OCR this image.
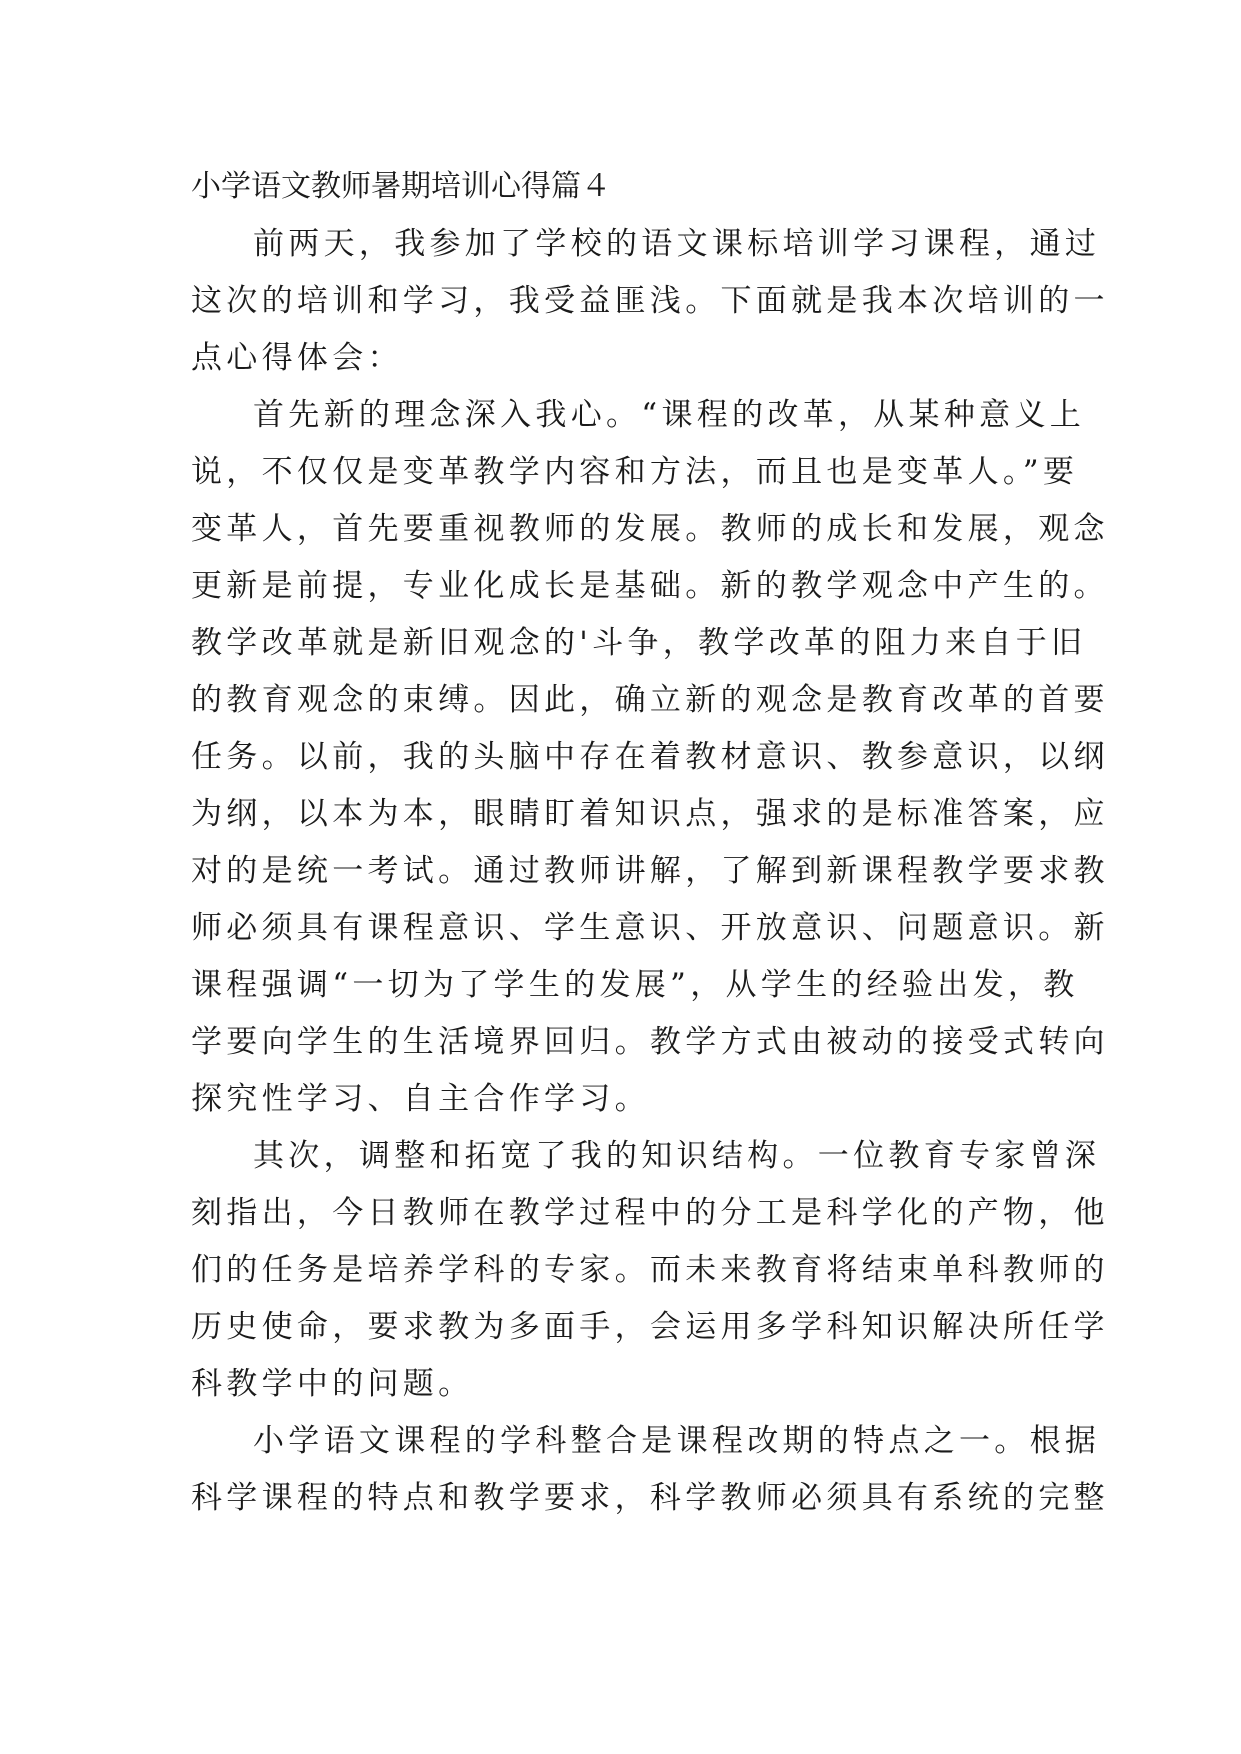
小学语文教师暑期培训心得篇４
前两天，我参加了学校的语文课标培训学习课程，通过
这次的培训和学习，我受益匪浅。下面就是我本次培训的一
点心得体会：
首先新的理念深入我心。“课程的改革，从某种意义上
说，不仅仅是变革教学内容和方法，而且也是变革人。”要
变革人，首先要重视教师的发展。教师的成长和发展，观念
更新是前提，专业化成长是基础。新的教学观念中产生的。
教学改革就是新旧观念的'斗争，教学改革的阻力来自于旧
的教育观念的束缚。因此，确立新的观念是教育改革的首要
任务。以前，我的头脑中存在着教材意识、教参意识，以纲
为纲，以本为本，眼睛盯着知识点，强求的是标准答案，应
对的是统一考试。通过教师讲解，了解到新课程教学要求教
师必须具有课程意识、学生意识、开放意识、问题意识。新
课程强调“一切为了学生的发展”，从学生的经验出发，教
学要向学生的生活境界回归。教学方式由被动的接受式转向
探究性学习、自主合作学习。
其次，调整和拓宽了我的知识结构。一位教育专家曾深
刻指出，今日教师在教学过程中的分工是科学化的产物，他
们的任务是培养学科的专家。而未来教育将结束单科教师的
历史使命，要求教为多面手，会运用多学科知识解决所任学
科教学中的问题。
小学语文课程的学科整合是课程改期的特点之一。根据
科学课程的特点和教学要求，科学教师必须具有系统的完整
